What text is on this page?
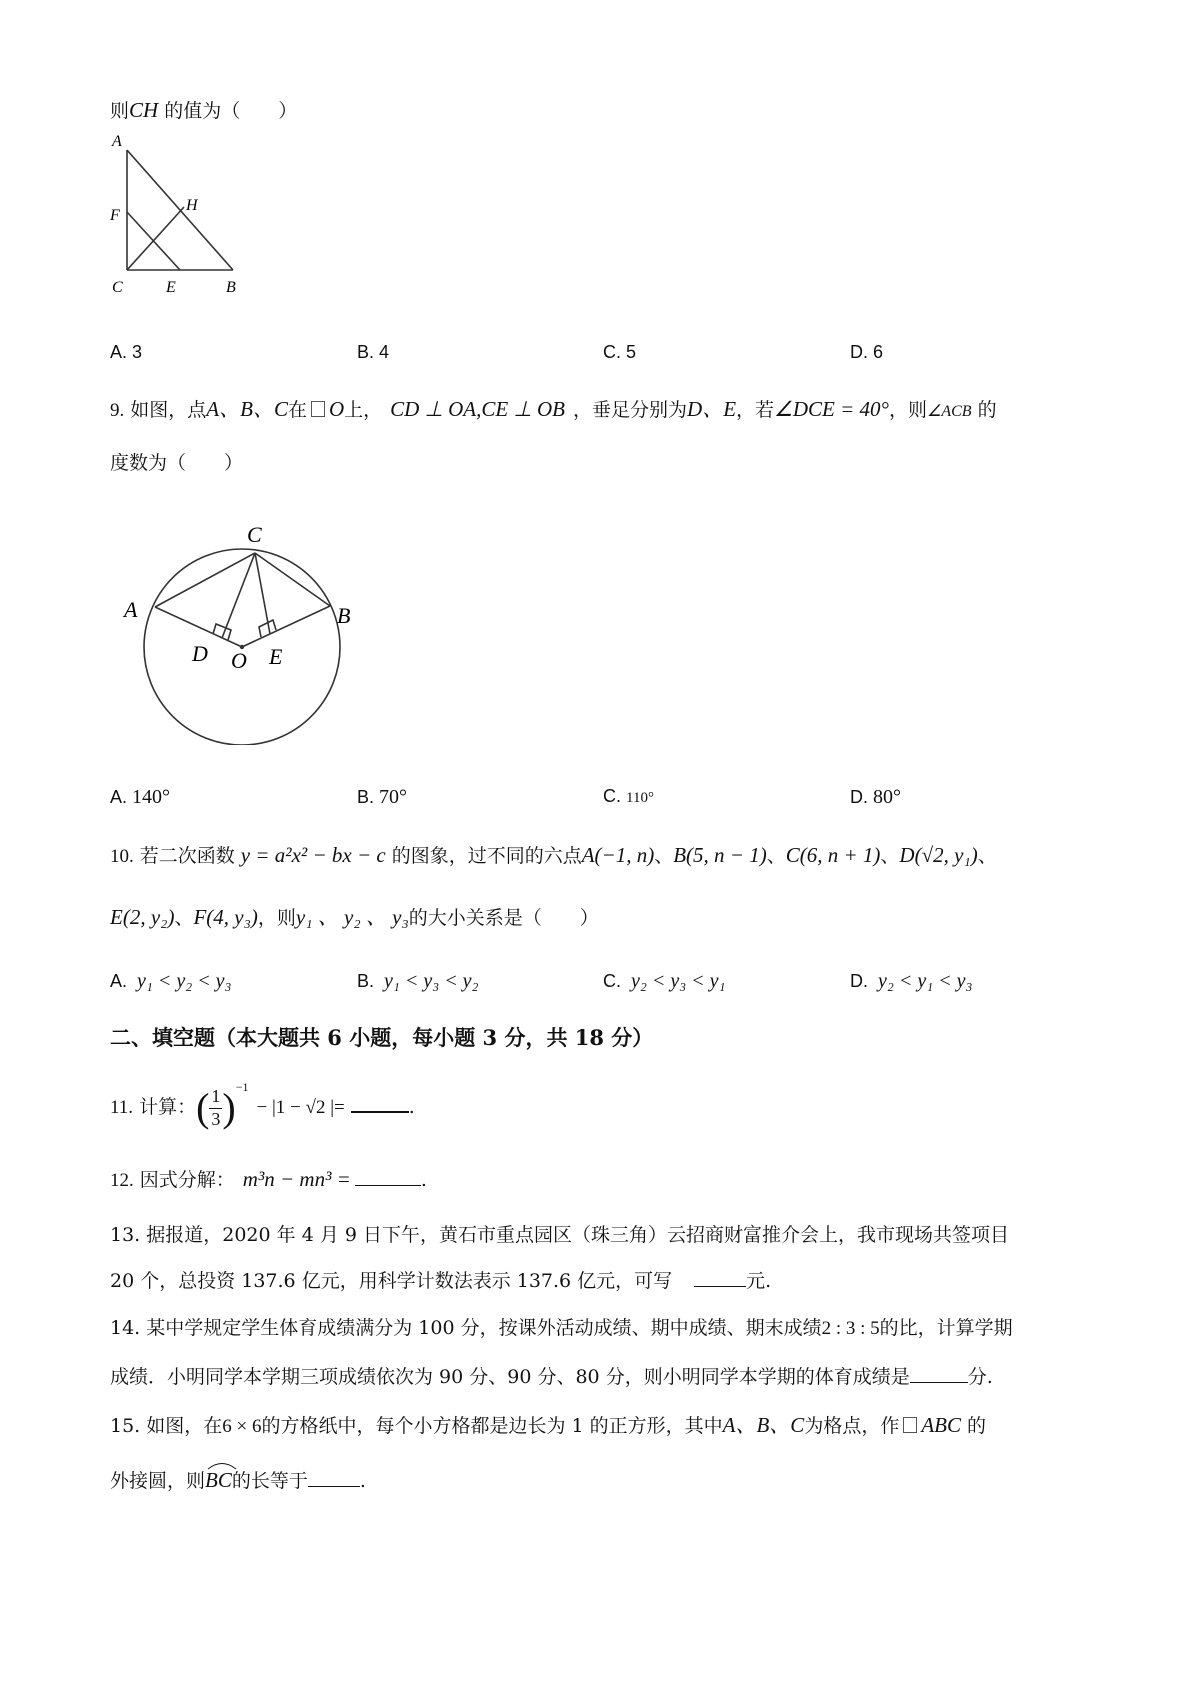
则CH 的值为（　　）
A
F
H
C	E	B
A. 3	B. 4	C. 5	D. 6
9. 如图，点A、B、C在 O上， CD ⊥ OA,CE ⊥ OB ，垂足分别为D、E，若∠DCE = 40°，则∠ACB 的
度数为（　　）
C
A	B
D O E
A. 140°	B. 70°	C. 110°	D. 80°
10. 若二次函数 y = a²x² − bx − c 的图象，过不同的六点A(−1, n)、B(5, n − 1)、C(6, n + 1)、D(√2, y₁)、
E(2, y₂)、F(4, y₃)，则y₁ 、 y₂ 、 y₃的大小关系是（　　）
A. y₁ < y₂ < y₃	B. y₁ < y₃ < y₂	C. y₂ < y₃ < y₁	D. y₂ < y₁ < y₃
二、填空题（本大题共 6 小题，每小题 3 分，共 18 分）
11. 计算：( $\frac{1}{3} )^{-1}- |1 - √2$ |=	.
12. 因式分解： m³n − mn³ =	.
13. 据报道，2020 年 4 月 9 日下午，黄石市重点园区（珠三角）云招商财富推介会上，我市现场共签项目
20 个，总投资 137.6 亿元，用科学计数法表示 137.6 亿元，可写	元.
14. 某中学规定学生体育成绩满分为 100 分，按课外活动成绩、期中成绩、期末成绩2 : 3 : 5的比，计算学期
成绩．小明同学本学期三项成绩依次为 90 分、90 分、80 分，则小明同学本学期的体育成绩是	分.
15. 如图，在6 × 6的方格纸中，每个小方格都是边长为 1 的正方形，其中A、B、C为格点，作 ABC 的
外接圆，则BC
的长等于	.
